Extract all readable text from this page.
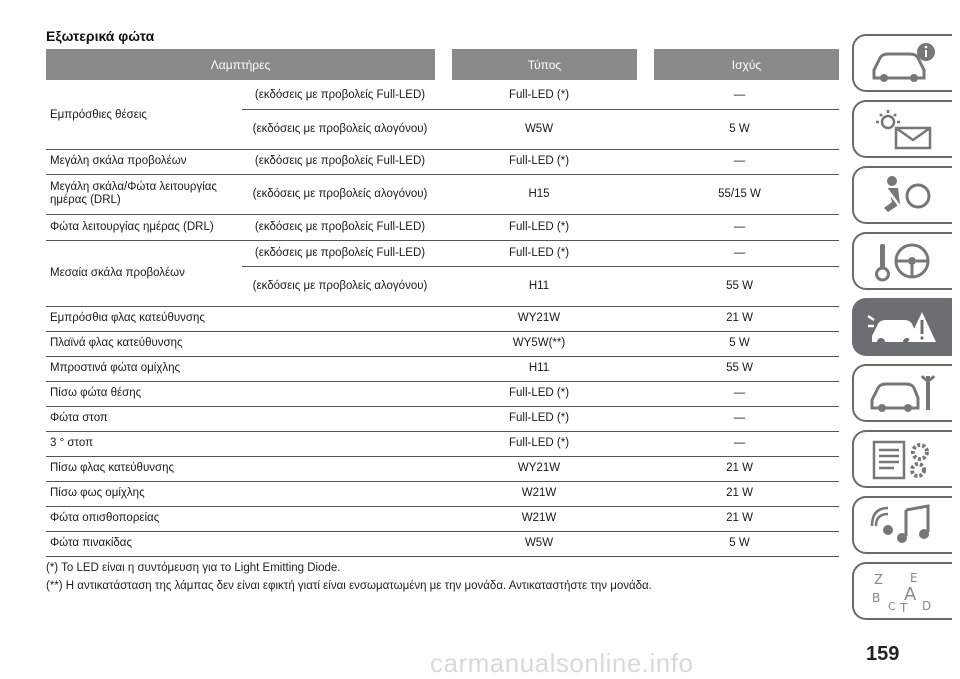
Εξωτερικά φώτα
Λαμπτήρες	Τύπος	Ισχύς
Εμπρόσθιες θέσεις	(εκδόσεις με προβολείς Full-LED)	Full-LED (*)	—
	(εκδόσεις με προβολείς αλογόνου)	W5W	5 W
Μεγάλη σκάλα προβολέων	(εκδόσεις με προβολείς Full-LED)	Full-LED (*)	—
Μεγάλη σκάλα/Φώτα λειτουργίας ημέρας (DRL)	(εκδόσεις με προβολείς αλογόνου)	H15	55/15 W
Φώτα λειτουργίας ημέρας (DRL)	(εκδόσεις με προβολείς Full-LED)	Full-LED (*)	—
Μεσαία σκάλα προβολέων	(εκδόσεις με προβολείς Full-LED)	Full-LED (*)	—
	(εκδόσεις με προβολείς αλογόνου)	H11	55 W
Εμπρόσθια φλας κατεύθυνσης		WY21W	21 W
Πλαϊνά φλας κατεύθυνσης		WY5W(**)	5 W
Μπροστινά φώτα ομίχλης		H11	55 W
Πίσω φώτα θέσης		Full-LED (*)	—
Φώτα στοπ		Full-LED (*)	—
3 ° στοπ		Full-LED (*)	—
Πίσω φλας κατεύθυνσης		WY21W	21 W
Πίσω φως ομίχλης		W21W	21 W
Φώτα οπισθοπορείας		W21W	21 W
Φώτα πινακίδας		W5W	5 W
(*) Το LED είναι η συντόμευση για το Light Emitting Diode.
(**) Η αντικατάσταση της λάμπας δεν είναι εφικτή γιατί είναι ενσωματωμένη με την μονάδα. Αντικαταστήστε την μονάδα.	Z E
B A
C T D
carmanualsonline.info	159
